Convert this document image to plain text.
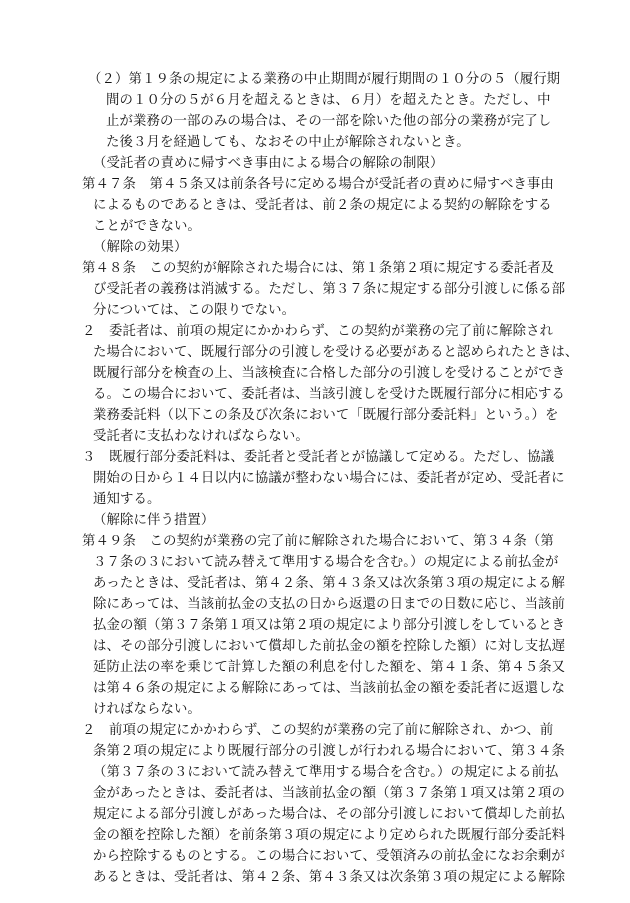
（２）第１９条の規定による業務の中止期間が履行期間の１０分の５（履行期
間の１０分の５が６月を超えるときは、６月）を超えたとき。ただし、中
止が業務の一部のみの場合は、その一部を除いた他の部分の業務が完了し
た後３月を経過しても、なおその中止が解除されないとき。
（受託者の責めに帰すべき事由による場合の解除の制限）
第４７条　第４５条又は前条各号に定める場合が受託者の責めに帰すべき事由
によるものであるときは、受託者は、前２条の規定による契約の解除をする
ことができない。
（解除の効果）
第４８条　この契約が解除された場合には、第１条第２項に規定する委託者及
び受託者の義務は消滅する。ただし、第３７条に規定する部分引渡しに係る部
分については、この限りでない。
２　委託者は、前項の規定にかかわらず、この契約が業務の完了前に解除され
た場合において、既履行部分の引渡しを受ける必要があると認められたときは、
既履行部分を検査の上、当該検査に合格した部分の引渡しを受けることができ
る。この場合において、委託者は、当該引渡しを受けた既履行部分に相応する
業務委託料（以下この条及び次条において「既履行部分委託料」という。）を
受託者に支払わなければならない。
３　既履行部分委託料は、委託者と受託者とが協議して定める。ただし、協議
開始の日から１４日以内に協議が整わない場合には、委託者が定め、受託者に
通知する。
（解除に伴う措置）
第４９条　この契約が業務の完了前に解除された場合において、第３４条（第
３７条の３において読み替えて準用する場合を含む。）の規定による前払金が
あったときは、受託者は、第４２条、第４３条又は次条第３項の規定による解
除にあっては、当該前払金の支払の日から返還の日までの日数に応じ、当該前
払金の額（第３７条第１項又は第２項の規定により部分引渡しをしているとき
は、その部分引渡しにおいて償却した前払金の額を控除した額）に対し支払遅
延防止法の率を乗じて計算した額の利息を付した額を、第４１条、第４５条又
は第４６条の規定による解除にあっては、当該前払金の額を委託者に返還しな
ければならない。
２　前項の規定にかかわらず、この契約が業務の完了前に解除され、かつ、前
条第２項の規定により既履行部分の引渡しが行われる場合において、第３４条
（第３７条の３において読み替えて準用する場合を含む。）の規定による前払
金があったときは、委託者は、当該前払金の額（第３７条第１項又は第２項の
規定による部分引渡しがあった場合は、その部分引渡しにおいて償却した前払
金の額を控除した額）を前条第３項の規定により定められた既履行部分委託料
から控除するものとする。この場合において、受領済みの前払金になお余剰が
あるときは、受託者は、第４２条、第４３条又は次条第３項の規定による解除
